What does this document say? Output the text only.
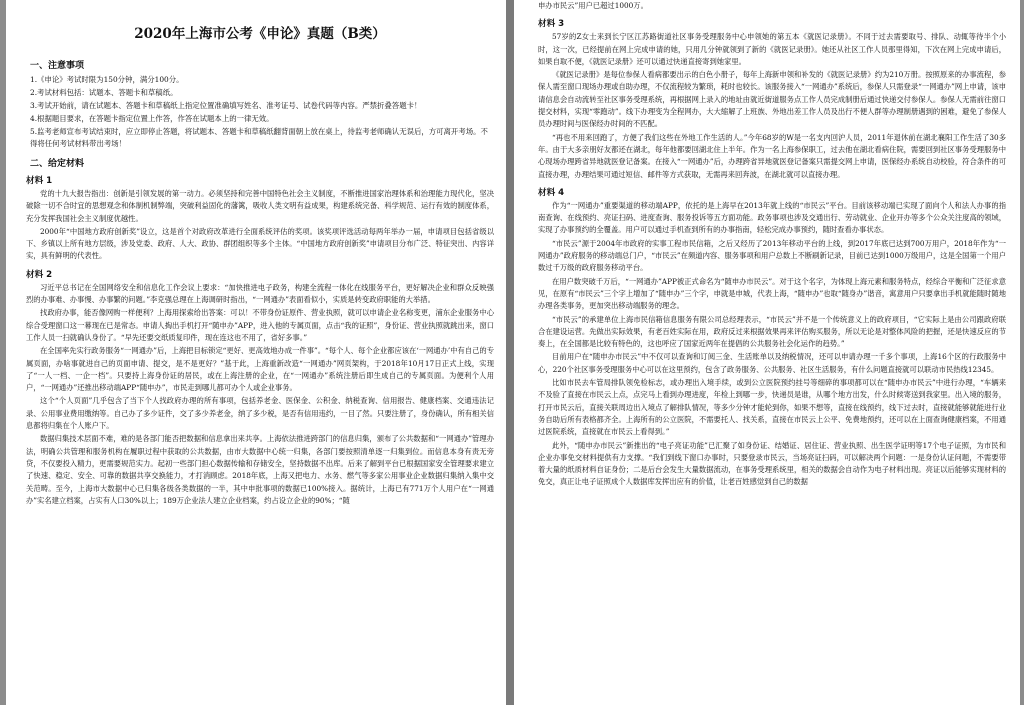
2020年上海市公考《申论》真题（B类）
一、注意事项
1.《申论》考试时限为150分钟，满分100分。
2.考试材料包括：试题本、答题卡和草稿纸。
3.考试开始前，请在试题本、答题卡和草稿纸上指定位置准确填写姓名、准考证号、试卷代码等内容。严禁折叠答题卡！
4.根据题目要求，在答题卡指定位置上作答，作答在试题本上的一律无效。
5.监考老师宣布考试结束时，应立即停止答题，将试题本、答题卡和草稿纸翻背面朝上放在桌上，待监考老师确认无误后，方可离开考场。不得将任何考试材料带出考场！
二、给定材料
材料 1

党的十九大报告指出：创新是引领发展的第一动力。必须坚持和完善中国特色社会主义制度，不断推进国家治理体系和治理能力现代化，坚决破除一切不合时宜的思想观念和体制机制弊端，突破利益固化的藩篱，吸收人类文明有益成果，构建系统完备、科学规范、运行有效的制度体系，充分发挥我国社会主义制度优越性。

2000年“中国地方政府创新奖”设立，这是首个对政府改革进行全面系统评估的奖项。该奖项评选活动每两年举办一届，申请项目包括省级以下、乡镇以上所有地方层级，涉及党委、政府、人大、政协、群团组织等多个主体。“中国地方政府创新奖”申请项目分布广泛、特征突出、内容详实，具有鲜明的代表性。

材料 2

习近平总书记在全国网络安全和信息化工作会议上要求：“加快推进电子政务，构建全流程一体化在线服务平台，更好解决企业和群众反映强烈的办事难、办事慢、办事繁的问题。”李克强总理在上海调研时指出，“一网通办”表面看似小，实质是转变政府职能的大举措。

找政府办事，能否像网购一样便利？上海用探索给出答案：可以！不带身份证原件、营业执照，就可以申请企业名称变更，浦东企业服务中心综合受理窗口这一幕现在已是常态。申请人掏出手机打开“随申办”APP，进入他的专属页面，点击“我的证照”，身份证、营业执照就跳出来，窗口工作人员一扫就确认身份了。“早先还要交纸质复印件，现在连这也不用了，省好多事。”

在全国率先实行政务服务“一网通办”后，上海把目标锁定“更好、更高效地办成一件事”。“每个人、每个企业都应该在‘一网通办’中有自己的专属页面，办啥事就进自己的页面申请、提交，是不是更好？”基于此，上海重新改造“一网通办”网页架构，于2018年10月17日正式上线，实现了“一人一档、一企一档”。只要持上海身份证的居民，或在上海注册的企业，在“一网通办”系统注册后即生成自己的专属页面。为便利个人用户，“一网通办”还推出移动端APP“随申办”，市民走到哪儿都可办个人或企业事务。

这个“个人页面”几乎包含了当下个人找政府办理的所有事项，包括养老金、医保金、公积金、纳税查询、信用报告、健康档案、交通违法记录、公用事业费用缴纳等。自己办了多少证件，交了多少养老金，纳了多少税，是否有信用违约，一目了然。只要注册了，身份确认，所有相关信息都将归集在个人账户下。

数据归集技术层面不难，难的是各部门能否把数据和信息拿出来共享。上海依法推进跨部门的信息归集，颁布了公共数据和“一网通办”管理办法，明确公共管理和服务机构在履职过程中获取的公共数据，由市大数据中心统一归集，各部门要按照清单逐一归集到位。而信息本身有责无旁贷，不仅要投入精力，更需要规范实力。起初一些部门担心数据传输和存储安全，坚持数据不出库。后来了解到平台已根据国家安全管理要求建立了快速、稳定、安全、可靠的数据共享交换能力，才打消顾虑。2018年底，上海又把电力、水务、燃气等多家公用事业企业数据归集纳入集中交关范畴。至今，上海市大数据中心已归集各级各类数据的一半，其中申批事项的数据已100%接入。据统计，上海已有771万个人用户在“一网通办”实名建立档案，占实有人口30%以上；189万企业法人建立企业档案，约占设立企业的90%；“随

申办市民云”用户已超过1000万。

材料 3

57岁的Z女士来到长宁区江苏路街道社区事务受理服务中心申领她的第五本《就医记录册》。不同于过去需要取号、排队、动辄等待半个小时，这一次，已经提前在网上完成申请的她，只用几分钟就领到了新的《就医记录册》。她还从社区工作人员那里得知，下次在网上完成申请后，如果自取不便，《就医记录册》还可以通过快递直接寄到她家里。

《就医记录册》是每位参保人看病都要出示的白色小册子，每年上海新申领和补发的《就医记录册》约为210万册。按照原来的办事流程，参保人需至窗口现场办理或自助办理，不仅流程较为繁琐，耗时也较长。该服务接入“一网通办”系统后，参保人只需登录“一网通办”网上申请，该申请信息会自动流转至社区事务受理系统，再根据网上录入的地址由就近街道服务点工作人员完成制册后通过快递交付参保人。参保人无需前往窗口提交材料，实现“零跑动”。线下办理变为全程网办，大大缩解了上班族、外地出差工作人员及出行不便人群等办理制册遇到的困难，避免了参保人员办理时间与医保经办时间的不匹配。

“再也不用来回跑了，方便了我们这些在外地工作生活的人。”今年68岁的W是一名支内回沪人员，2011年退休前在湖北襄阳工作生活了30多年。由于大多亲朋好友都还在湖北，每年他都要回湖北住上半年。作为一名上海参保职工，过去他在湖北看病住院，需要回到社区事务受理服务中心现场办理跨省异地就医登记备案。在接入“一网通办”后，办理跨省异地就医登记备案只需提交网上申请，医保经办系统自动校验，符合条件的可直接办理，办理结果可通过短信、邮件等方式获取，无需再来回奔波，在湖北就可以直接办理。

材料 4

作为“一网通办”重要渠道的移动端APP，依托的是上海早在2013年就上线的“市民云”平台。目前该移动端已实现了面向个人和法人办事的指南查询、在线预约、亮证扫码、进度查询、服务投诉等五方面功能。政务事项也涉及交通出行、劳动就业、企业开办等多个公众关注度高的领域，实现了办事预约的全覆盖。用户可以通过手机查到所有的办事指南，轻松完成办事预约，随时查看办事状态。

“市民云”源于2004年市政府的实事工程市民信箱，之后又经历了2013年移动平台的上线，到2017年底已达到700万用户，2018年作为“一网通办”政府服务的移动端总门户，“市民云”在频道内容、服务事项和用户总数上不断刷新记录，目前已达到1000万级用户，这是全国第一个用户数过千万级的政府服务移动平台。

在用户数突破千万后，“一网通办”APP被正式命名为“随申办市民云”。对于这个名字，为体现上海元素和服务特点，经综合平衡和广泛征求意见，在原有“市民云”三个字上增加了“随申办”三个字，申就是申城，代表上海，“随申办”也取“随身办”谐音，寓意用户只要拿出手机就能随时随地办理各类事务，更加突出移动端服务的理念。

“市民云”的承建单位上海市民信箱信息服务有限公司总经理表示，“市民云”并不是一个传统意义上的政府项目，“它实际上是由公司跟政府联合在建设运营。先做出实际效果，有老百姓实际在用，政府反过来根据效果再来评估购买服务，所以无论是对整体风险的把握，还是快速反应的节奏上，在全国都是比较有特色的，这也呼应了国家近两年在提倡的公共服务社会化运作的趋势。”

目前用户在“随申办市民云”中不仅可以查询和订阅三金、生活账单以及纳税情况，还可以申请办理一千多个事项，上海16个区的行政服务中心，220个社区事务受理服务中心可以在这里预约，包含了政务服务、公共服务、社区生活服务，有什么问题直接就可以联动市民热线12345。

比如市民去车管局排队领免检标志，或办理出入境手续，或到公立医院预约挂号等细碎的事项都可以在“随申办市民云”中进行办理，“车辆来不及验了直接在市民云上点，点完马上看到办理进度，年检上到哪一步，快递员是谁，从哪个地方出发，什么时候寄送到我家里。出入境的服务，打开市民云后，直接关联周边出入境点了解排队情况，等多少分钟才能轮到你，如果不想等，直接在线预约，线下过去时，直接就能够就能进行业务自助后所有表格都齐全。上海所有的公立医院，不需要托人、找关系，直接在市民云上公平、免费地预约，还可以在上面查询健康档案，不用通过医院系统，直接就在市民云上看得到。”

此外，“随申办市民云”新推出的“电子亮证功能”已汇聚了如身份证、结婚证、居住证、营业执照、出生医学证明等17个电子证照，为市民和企业办事免交材料提供有力支撑。“我们到线下窗口办事时，只要登录市民云，当场亮证扫码，可以解决两个问题：一是身份认证问题，不需要带着大量的纸质材料自证身份；二是后台会发生大量数据流动，在事务受理系统里，相关的数据会自动作为电子材料出现。亮证以后能够实现材料的免交，真正让电子证照成个人数据库发挥出应有的价值，让老百姓感觉到自己的数据
